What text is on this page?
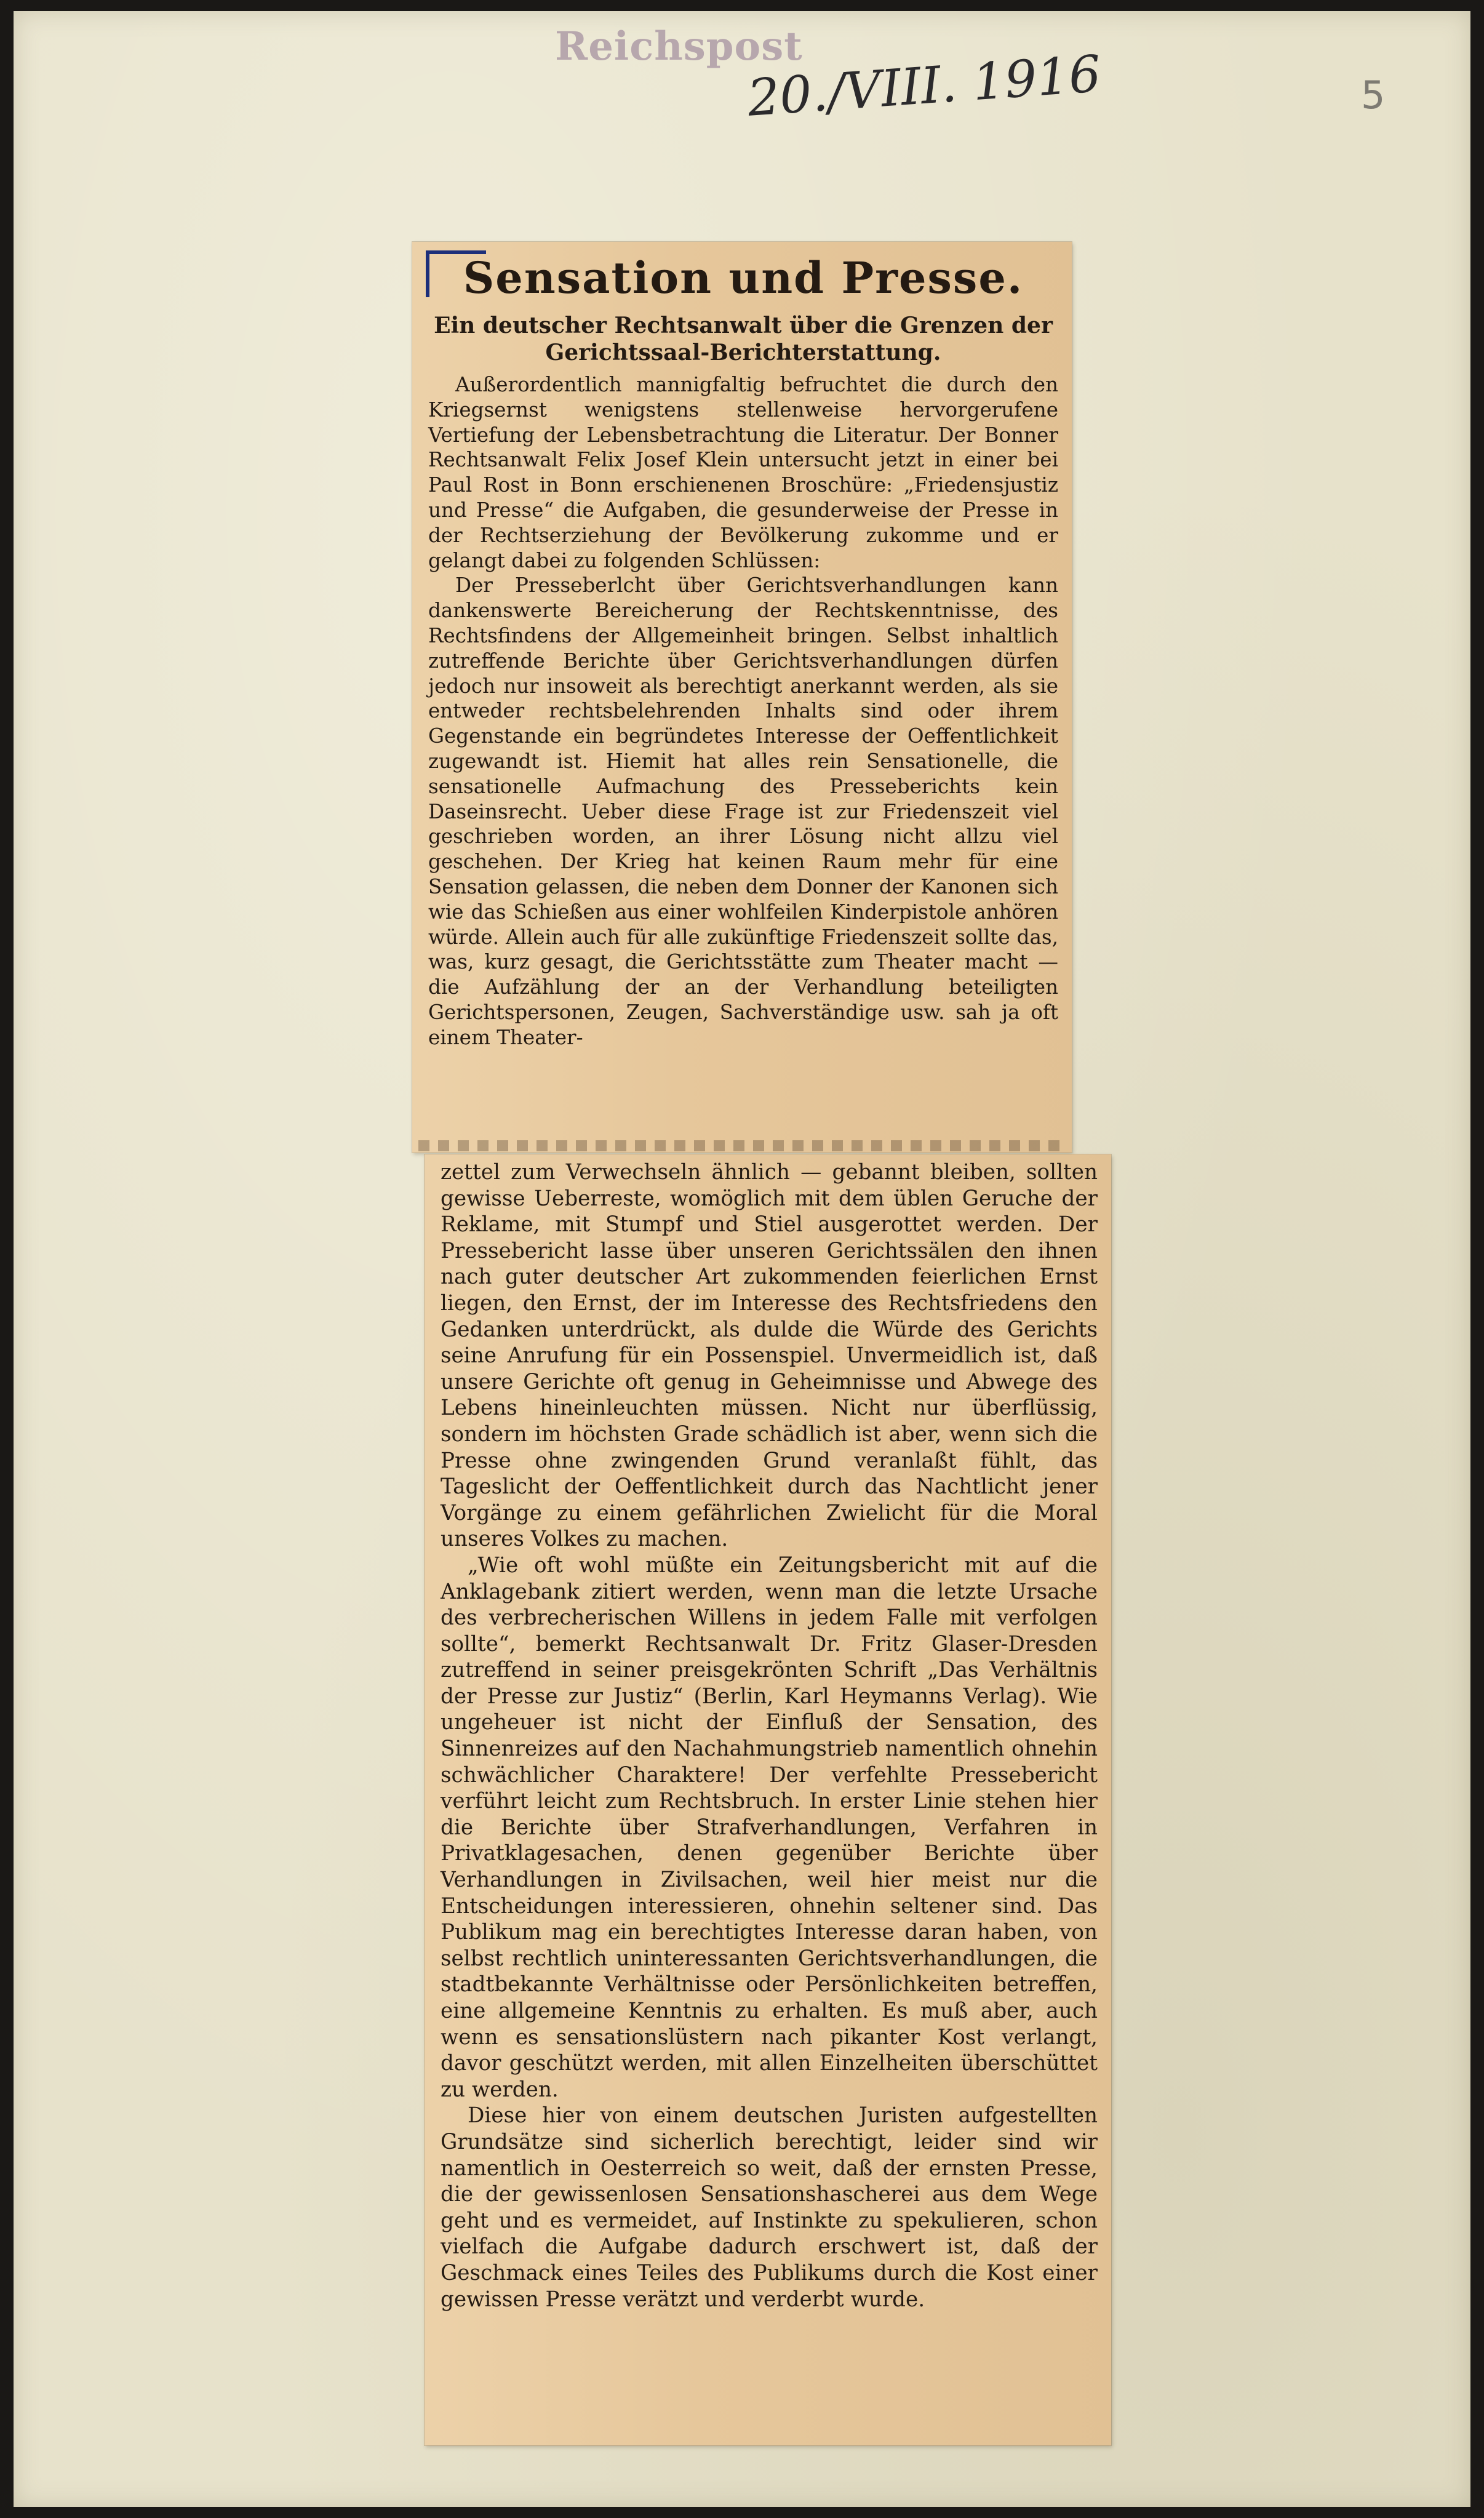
Reichspost
20./VIII. 1916	5
Sensation und Presse.
Ein deutscher Rechtsanwalt über die Grenzen der Gerichtssaal-Berichterstattung.

Außerordentlich mannigfaltig befruchtet die durch den Kriegsernst wenigstens stellenweise hervorgerufene Vertiefung der Lebensbetrachtung die Literatur. Der Bonner Rechtsanwalt Felix Josef Klein untersucht jetzt in einer bei Paul Rost in Bonn erschienenen Broschüre: „Friedensjustiz und Presse“ die Aufgaben, die gesunderweise der Presse in der Rechtserziehung der Bevölkerung zukomme und er gelangt dabei zu folgenden Schlüssen:

Der Presseberlcht über Gerichtsverhandlungen kann dankenswerte Bereicherung der Rechtskenntnisse, des Rechtsfindens der Allgemeinheit bringen. Selbst inhaltlich zutreffende Berichte über Gerichtsverhandlungen dürfen jedoch nur insoweit als berechtigt anerkannt werden, als sie entweder rechtsbelehrenden Inhalts sind oder ihrem Gegenstande ein begründetes Interesse der Oeffentlichkeit zugewandt ist. Hiemit hat alles rein Sensationelle, die sensationelle Aufmachung des Presseberichts kein Daseinsrecht. Ueber diese Frage ist zur Friedenszeit viel geschrieben worden, an ihrer Lösung nicht allzu viel geschehen. Der Krieg hat keinen Raum mehr für eine Sensation gelassen, die neben dem Donner der Kanonen sich wie das Schießen aus einer wohlfeilen Kinderpistole anhören würde. Allein auch für alle zukünftige Friedenszeit sollte das, was, kurz gesagt, die Gerichtsstätte zum Theater macht — die Aufzählung der an der Verhandlung beteiligten Gerichtspersonen, Zeugen, Sachverständige usw. sah ja oft einem Theater-

zettel zum Verwechseln ähnlich — gebannt bleiben, sollten gewisse Ueberreste, womöglich mit dem üblen Geruche der Reklame, mit Stumpf und Stiel ausgerottet werden. Der Pressebericht lasse über unseren Gerichtssälen den ihnen nach guter deutscher Art zukommenden feierlichen Ernst liegen, den Ernst, der im Interesse des Rechtsfriedens den Gedanken unterdrückt, als dulde die Würde des Gerichts seine Anrufung für ein Possenspiel. Unvermeidlich ist, daß unsere Gerichte oft genug in Geheimnisse und Abwege des Lebens hineinleuchten müssen. Nicht nur überflüssig, sondern im höchsten Grade schädlich ist aber, wenn sich die Presse ohne zwingenden Grund veranlaßt fühlt, das Tageslicht der Oeffentlichkeit durch das Nachtlicht jener Vorgänge zu einem gefährlichen Zwielicht für die Moral unseres Volkes zu machen.

„Wie oft wohl müßte ein Zeitungsbericht mit auf die Anklagebank zitiert werden, wenn man die letzte Ursache des verbrecherischen Willens in jedem Falle mit verfolgen sollte“, bemerkt Rechtsanwalt Dr. Fritz Glaser-Dresden zutreffend in seiner preisgekrönten Schrift „Das Verhältnis der Presse zur Justiz“ (Berlin, Karl Heymanns Verlag). Wie ungeheuer ist nicht der Einfluß der Sensation, des Sinnenreizes auf den Nachahmungstrieb namentlich ohnehin schwächlicher Charaktere! Der verfehlte Pressebericht verführt leicht zum Rechtsbruch. In erster Linie stehen hier die Berichte über Strafverhandlungen, Verfahren in Privatklagesachen, denen gegenüber Berichte über Verhandlungen in Zivilsachen, weil hier meist nur die Entscheidungen interessieren, ohnehin seltener sind. Das Publikum mag ein berechtigtes Interesse daran haben, von selbst rechtlich uninteressanten Gerichtsverhandlungen, die stadtbekannte Verhältnisse oder Persönlichkeiten betreffen, eine allgemeine Kenntnis zu erhalten. Es muß aber, auch wenn es sensationslüstern nach pikanter Kost verlangt, davor geschützt werden, mit allen Einzelheiten überschüttet zu werden.

Diese hier von einem deutschen Juristen aufgestellten Grundsätze sind sicherlich berechtigt, leider sind wir namentlich in Oesterreich so weit, daß der ernsten Presse, die der gewissenlosen Sensationshascherei aus dem Wege geht und es vermeidet, auf Instinkte zu spekulieren, schon vielfach die Aufgabe dadurch erschwert ist, daß der Geschmack eines Teiles des Publikums durch die Kost einer gewissen Presse verätzt und verderbt wurde.
